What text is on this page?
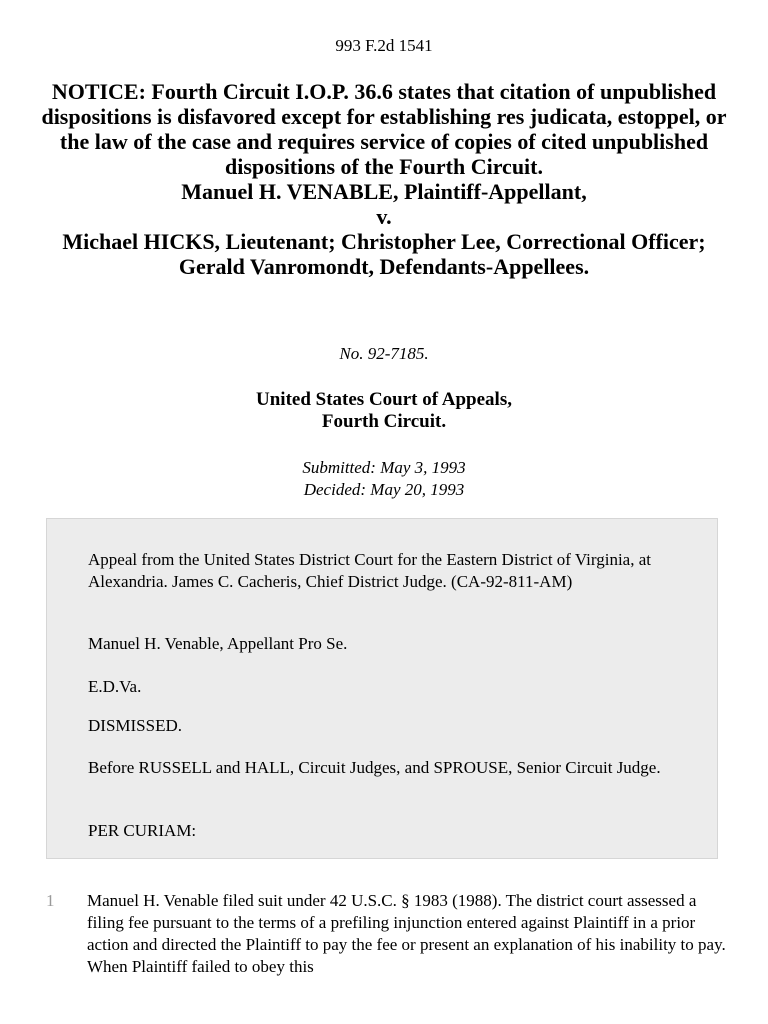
993 F.2d 1541
NOTICE: Fourth Circuit I.O.P. 36.6 states that citation of unpublished dispositions is disfavored except for establishing res judicata, estoppel, or the law of the case and requires service of copies of cited unpublished dispositions of the Fourth Circuit.
Manuel H. VENABLE, Plaintiff-Appellant,
v.
Michael HICKS, Lieutenant; Christopher Lee, Correctional Officer; Gerald Vanromondt, Defendants-Appellees.
No. 92-7185.
United States Court of Appeals,
Fourth Circuit.
Submitted: May 3, 1993
Decided: May 20, 1993

Appeal from the United States District Court for the Eastern District of Virginia, at Alexandria. James C. Cacheris, Chief District Judge. (CA-92-811-AM)

Manuel H. Venable, Appellant Pro Se.

E.D.Va.

DISMISSED.

Before RUSSELL and HALL, Circuit Judges, and SPROUSE, Senior Circuit Judge.

PER CURIAM:

1 Manuel H. Venable filed suit under 42 U.S.C. § 1983 (1988). The district court assessed a filing fee pursuant to the terms of a prefiling injunction entered against Plaintiff in a prior action and directed the Plaintiff to pay the fee or present an explanation of his inability to pay. When Plaintiff failed to obey this
